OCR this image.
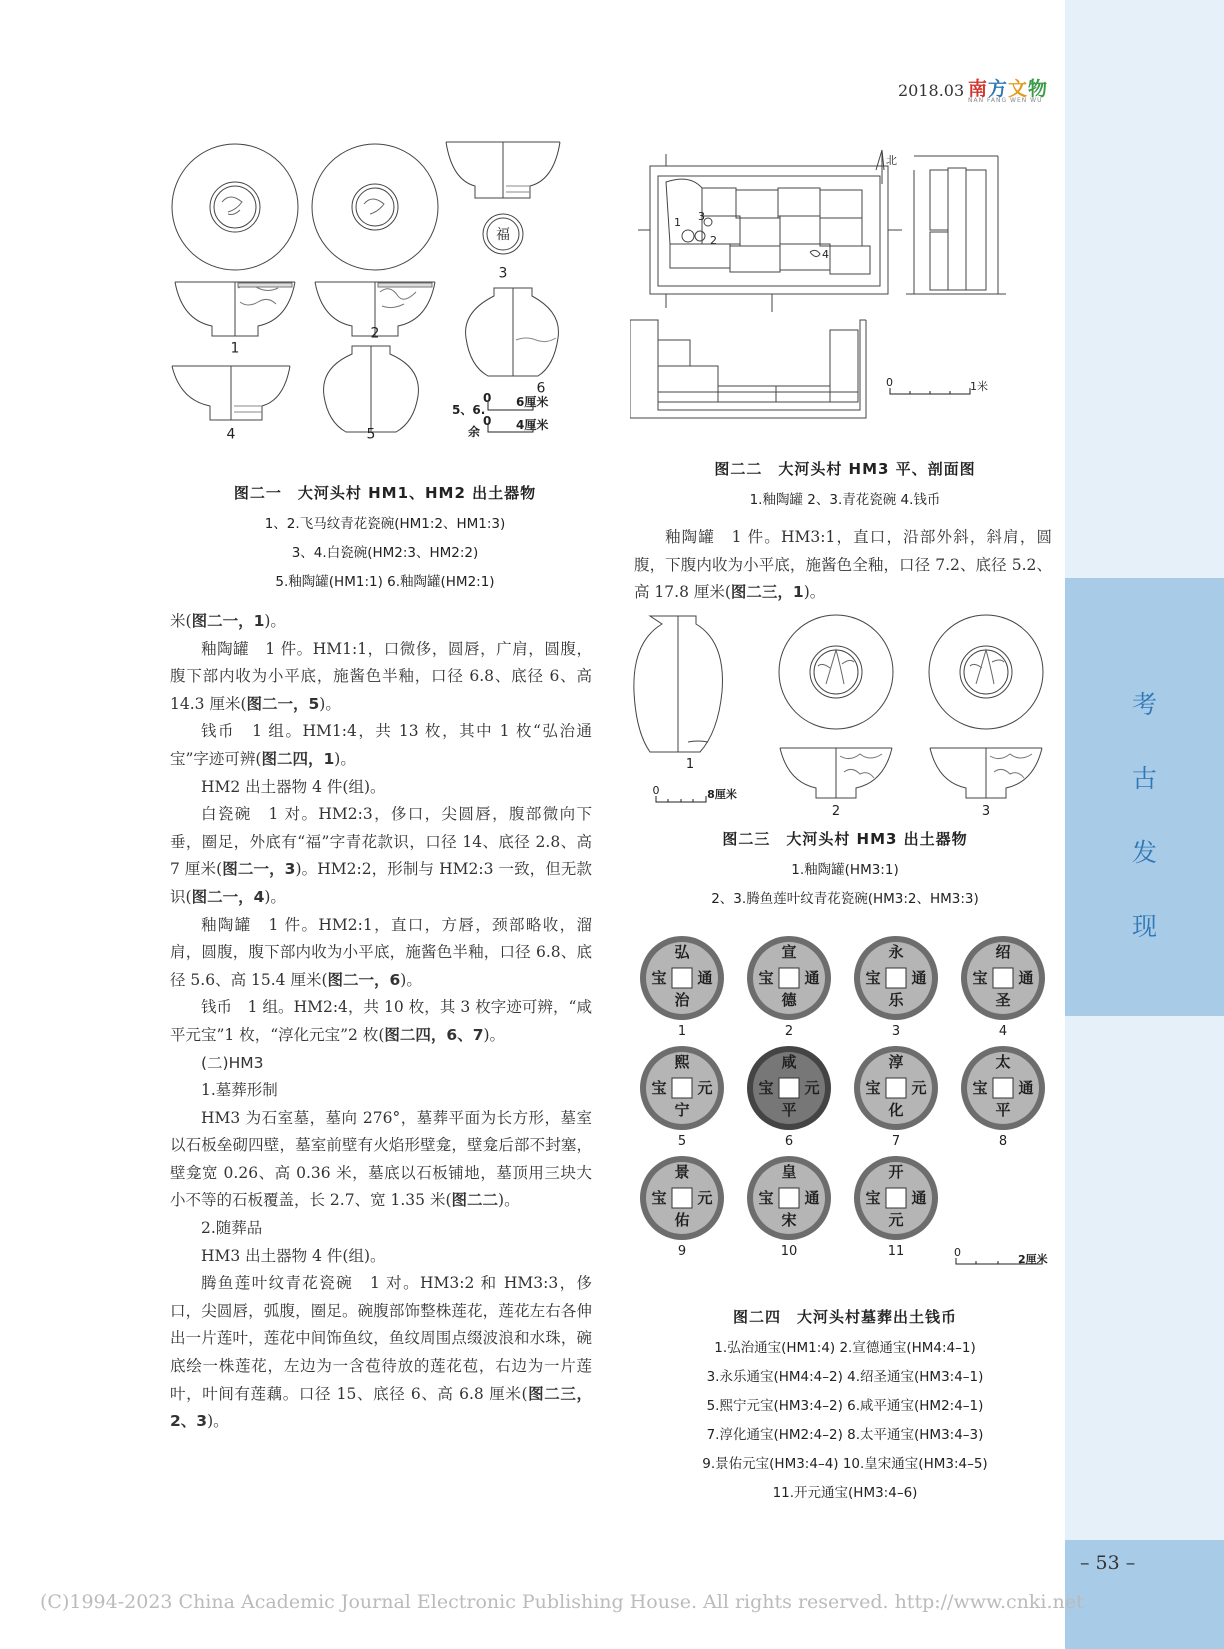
考
古
发
现
– 53 –
(C)1994-2023 China Academic Journal Electronic Publishing House. All rights reserved. http://www.cnki.net
2018.03 南方文物
NAN FANG WEN WU
1
2
3
福
4	5
6
5、6.
0 6厘米
余
0 4厘米
图二一　大河头村 HM1、HM2 出土器物
1、2.飞马纹青花瓷碗(HM1:2、HM1:3)
3、4.白瓷碗(HM2:3、HM2:2)
5.釉陶罐(HM1:1) 6.釉陶罐(HM2:1)
北
1
2
3
4
0	1米
图二二　大河头村 HM3 平、剖面图
1.釉陶罐 2、3.青花瓷碗 4.钱币

釉陶罐　1 件。HM3:1，直口，沿部外斜，斜肩，圆腹，下腹内收为小平底，施酱色全釉，口径 7.2、底径 5.2、高 17.8 厘米(图二三，1)。

1
2	3
0	8厘米
图二三　大河头村 HM3 出土器物
1.釉陶罐(HM3:1)
2、3.腾鱼莲叶纹青花瓷碗(HM3:2、HM3:3)
0
2厘米
弘
治
通
宝
1
宣
德
通
宝
2
永
乐
通
宝
3
绍
圣
通
宝
4
熙
宁
元
宝
5
咸
平
元
宝
6
淳
化
元
宝
7
太
平
通
宝
8
景
佑
元
宝
9
皇
宋
通
宝
10
开
元
通
宝
11
图二四　大河头村墓葬出土钱币
1.弘治通宝(HM1:4) 2.宣德通宝(HM4:4–1)
3.永乐通宝(HM4:4–2) 4.绍圣通宝(HM3:4–1)
5.熙宁元宝(HM3:4–2) 6.咸平通宝(HM2:4–1)
7.淳化通宝(HM2:4–2) 8.太平通宝(HM3:4–3)
9.景佑元宝(HM3:4–4) 10.皇宋通宝(HM3:4–5)
11.开元通宝(HM3:4–6)

米(图二一，1)。

釉陶罐　1 件。HM1:1，口微侈，圆唇，广肩，圆腹，腹下部内收为小平底，施酱色半釉，口径 6.8、底径 6、高 14.3 厘米(图二一，5)。

钱币　1 组。HM1:4，共 13 枚，其中 1 枚“弘治通宝”字迹可辨(图二四，1)。

HM2 出土器物 4 件(组)。

白瓷碗　1 对。HM2:3，侈口，尖圆唇，腹部微向下垂，圈足，外底有“福”字青花款识，口径 14、底径 2.8、高 7 厘米(图二一，3)。HM2:2，形制与 HM2:3 一致，但无款识(图二一，4)。

釉陶罐　1 件。HM2:1，直口，方唇，颈部略收，溜肩，圆腹，腹下部内收为小平底，施酱色半釉，口径 6.8、底径 5.6、高 15.4 厘米(图二一，6)。

钱币　1 组。HM2:4，共 10 枚，其 3 枚字迹可辨，“咸平元宝”1 枚，“淳化元宝”2 枚(图二四，6、7)。

(二)HM3

1.墓葬形制

HM3 为石室墓，墓向 276°，墓葬平面为长方形，墓室以石板垒砌四壁，墓室前壁有火焰形壁龛，壁龛后部不封塞，壁龛宽 0.26、高 0.36 米，墓底以石板铺地，墓顶用三块大小不等的石板覆盖，长 2.7、宽 1.35 米(图二二)。

2.随葬品

HM3 出土器物 4 件(组)。

腾鱼莲叶纹青花瓷碗　1 对。HM3:2 和 HM3:3，侈口，尖圆唇，弧腹，圈足。碗腹部饰整株莲花，莲花左右各伸出一片莲叶，莲花中间饰鱼纹，鱼纹周围点缀波浪和水珠，碗底绘一株莲花，左边为一含苞待放的莲花苞，右边为一片莲叶，叶间有莲藕。口径 15、底径 6、高 6.8 厘米(图二三，2、3)。
